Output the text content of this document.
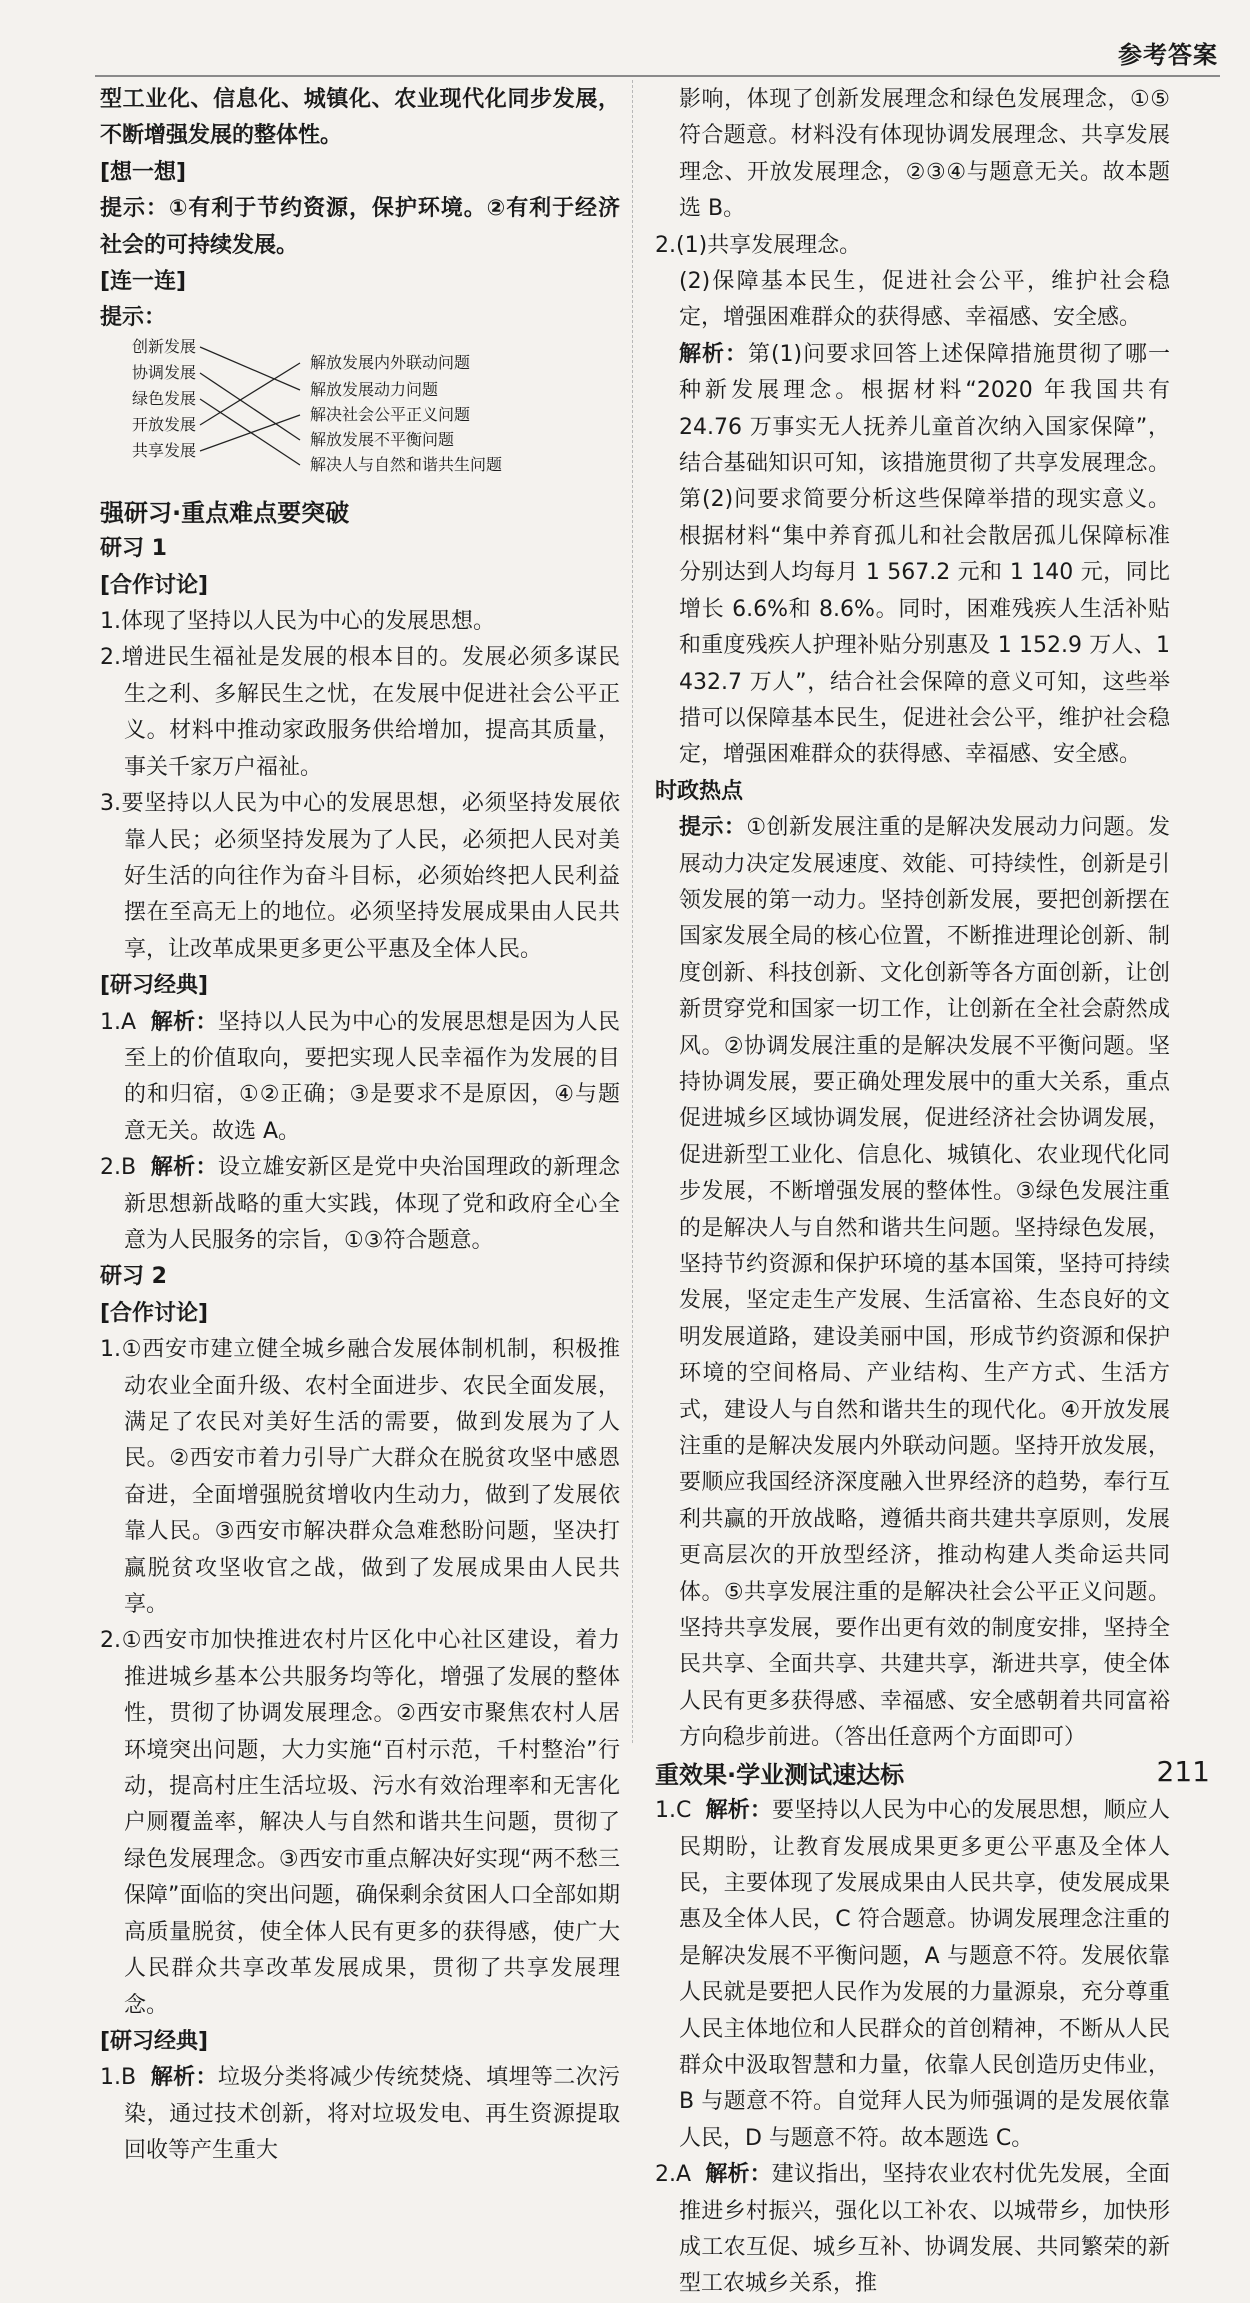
参考答案

型工业化、信息化、城镇化、农业现代化同步发展，不断增强发展的整体性。

[想一想]

提示：①有利于节约资源，保护环境。②有利于经济社会的可持续发展。

[连一连]

提示：

创新发展
协调发展
绿色发展
开放发展
共享发展
解放发展内外联动问题
解放发展动力问题
解决社会公平正义问题
解放发展不平衡问题
解决人与自然和谐共生问题

强研习·重点难点要突破

研习 1

[合作讨论]

1.体现了坚持以人民为中心的发展思想。

2.增进民生福祉是发展的根本目的。发展必须多谋民生之利、多解民生之忧，在发展中促进社会公平正义。材料中推动家政服务供给增加，提高其质量，事关千家万户福祉。

3.要坚持以人民为中心的发展思想，必须坚持发展依靠人民；必须坚持发展为了人民，必须把人民对美好生活的向往作为奋斗目标，必须始终把人民利益摆在至高无上的地位。必须坚持发展成果由人民共享，让改革成果更多更公平惠及全体人民。

[研习经典]

1.A 解析：坚持以人民为中心的发展思想是因为人民至上的价值取向，要把实现人民幸福作为发展的目的和归宿，①②正确；③是要求不是原因，④与题意无关。故选 A。

2.B 解析：设立雄安新区是党中央治国理政的新理念新思想新战略的重大实践，体现了党和政府全心全意为人民服务的宗旨，①③符合题意。

研习 2

[合作讨论]

1.①西安市建立健全城乡融合发展体制机制，积极推动农业全面升级、农村全面进步、农民全面发展，满足了农民对美好生活的需要，做到发展为了人民。②西安市着力引导广大群众在脱贫攻坚中感恩奋进，全面增强脱贫增收内生动力，做到了发展依靠人民。③西安市解决群众急难愁盼问题，坚决打赢脱贫攻坚收官之战，做到了发展成果由人民共享。

2.①西安市加快推进农村片区化中心社区建设，着力推进城乡基本公共服务均等化，增强了发展的整体性，贯彻了协调发展理念。②西安市聚焦农村人居环境突出问题，大力实施“百村示范，千村整治”行动，提高村庄生活垃圾、污水有效治理率和无害化户厕覆盖率，解决人与自然和谐共生问题，贯彻了绿色发展理念。③西安市重点解决好实现“两不愁三保障”面临的突出问题，确保剩余贫困人口全部如期高质量脱贫，使全体人民有更多的获得感，使广大人民群众共享改革发展成果，贯彻了共享发展理念。

[研习经典]

1.B 解析：垃圾分类将减少传统焚烧、填埋等二次污染，通过技术创新，将对垃圾发电、再生资源提取回收等产生重大

影响，体现了创新发展理念和绿色发展理念，①⑤符合题意。材料没有体现协调发展理念、共享发展理念、开放发展理念，②③④与题意无关。故本题选 B。

2.(1)共享发展理念。

(2)保障基本民生，促进社会公平，维护社会稳定，增强困难群众的获得感、幸福感、安全感。

解析：第(1)问要求回答上述保障措施贯彻了哪一种新发展理念。根据材料“2020 年我国共有 24.76 万事实无人抚养儿童首次纳入国家保障”，结合基础知识可知，该措施贯彻了共享发展理念。第(2)问要求简要分析这些保障举措的现实意义。根据材料“集中养育孤儿和社会散居孤儿保障标准分别达到人均每月 1 567.2 元和 1 140 元，同比增长 6.6%和 8.6%。同时，困难残疾人生活补贴和重度残疾人护理补贴分别惠及 1 152.9 万人、1 432.7 万人”，结合社会保障的意义可知，这些举措可以保障基本民生，促进社会公平，维护社会稳定，增强困难群众的获得感、幸福感、安全感。

时政热点

提示：①创新发展注重的是解决发展动力问题。发展动力决定发展速度、效能、可持续性，创新是引领发展的第一动力。坚持创新发展，要把创新摆在国家发展全局的核心位置，不断推进理论创新、制度创新、科技创新、文化创新等各方面创新，让创新贯穿党和国家一切工作，让创新在全社会蔚然成风。②协调发展注重的是解决发展不平衡问题。坚持协调发展，要正确处理发展中的重大关系，重点促进城乡区域协调发展，促进经济社会协调发展，促进新型工业化、信息化、城镇化、农业现代化同步发展，不断增强发展的整体性。③绿色发展注重的是解决人与自然和谐共生问题。坚持绿色发展，坚持节约资源和保护环境的基本国策，坚持可持续发展，坚定走生产发展、生活富裕、生态良好的文明发展道路，建设美丽中国，形成节约资源和保护环境的空间格局、产业结构、生产方式、生活方式，建设人与自然和谐共生的现代化。④开放发展注重的是解决发展内外联动问题。坚持开放发展，要顺应我国经济深度融入世界经济的趋势，奉行互利共赢的开放战略，遵循共商共建共享原则，发展更高层次的开放型经济，推动构建人类命运共同体。⑤共享发展注重的是解决社会公平正义问题。坚持共享发展，要作出更有效的制度安排，坚持全民共享、全面共享、共建共享，渐进共享，使全体人民有更多获得感、幸福感、安全感朝着共同富裕方向稳步前进。（答出任意两个方面即可）

重效果·学业测试速达标

1.C 解析：要坚持以人民为中心的发展思想，顺应人民期盼，让教育发展成果更多更公平惠及全体人民，主要体现了发展成果由人民共享，使发展成果惠及全体人民，C 符合题意。协调发展理念注重的是解决发展不平衡问题，A 与题意不符。发展依靠人民就是要把人民作为发展的力量源泉，充分尊重人民主体地位和人民群众的首创精神，不断从人民群众中汲取智慧和力量，依靠人民创造历史伟业，B 与题意不符。自觉拜人民为师强调的是发展依靠人民，D 与题意不符。故本题选 C。

2.A 解析：建议指出，坚持农业农村优先发展，全面推进乡村振兴，强化以工补农、以城带乡，加快形成工农互促、城乡互补、协调发展、共同繁荣的新型工农城乡关系，推

211
